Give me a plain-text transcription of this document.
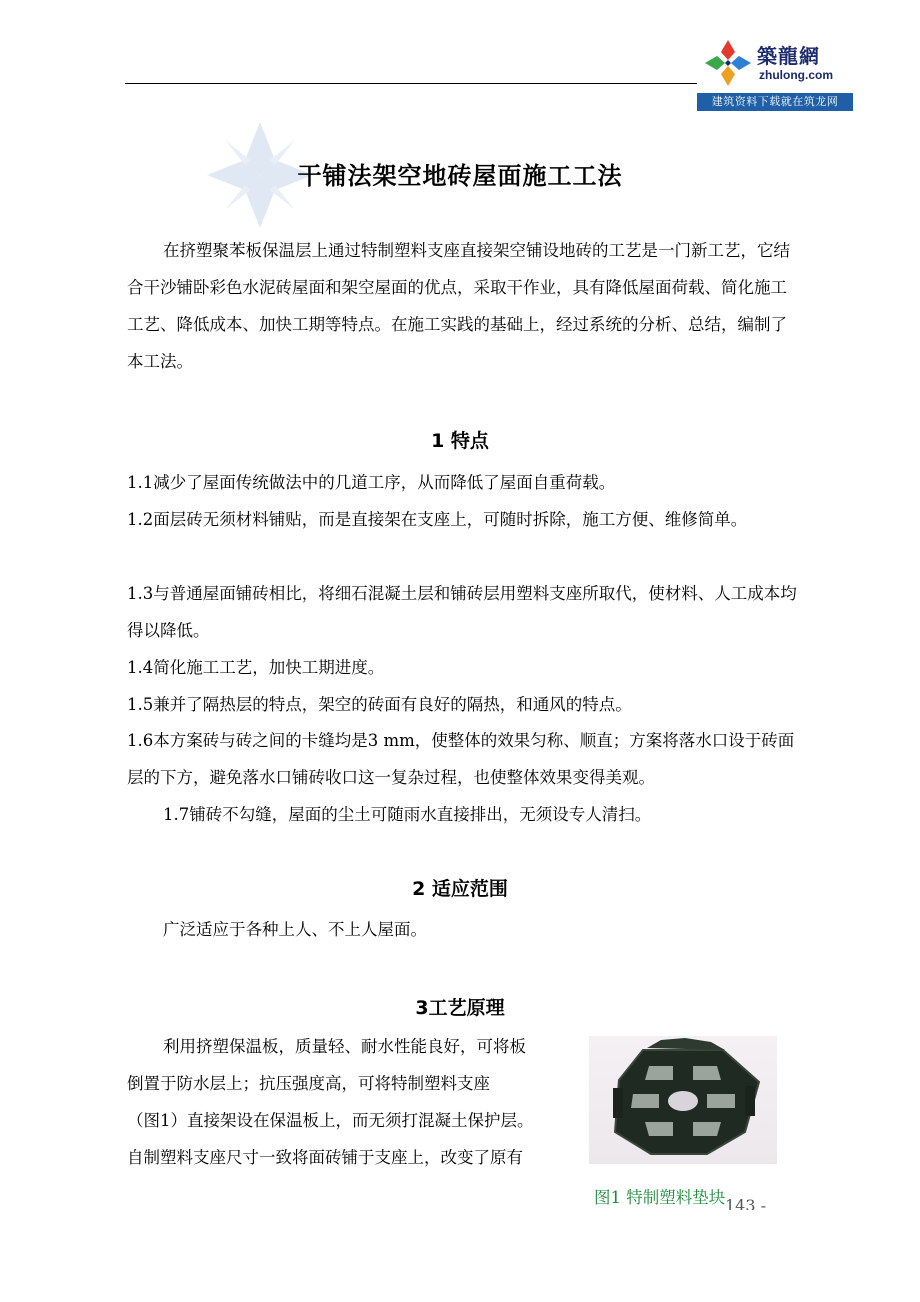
築龍網
zhulong.com
建筑资料下载就在筑龙网
干铺法架空地砖屋面施工工法

在挤塑聚苯板保温层上通过特制塑料支座直接架空铺设地砖的工艺是一门新工艺，它结合干沙铺卧彩色水泥砖屋面和架空屋面的优点，采取干作业，具有降低屋面荷载、简化施工工艺、降低成本、加快工期等特点。在施工实践的基础上，经过系统的分析、总结，编制了本工法。

1 特点
1.1减少了屋面传统做法中的几道工序，从而降低了屋面自重荷载。
1.2面层砖无须材料铺贴，而是直接架在支座上，可随时拆除，施工方便、维修简单。
1.3与普通屋面铺砖相比，将细石混凝土层和铺砖层用塑料支座所取代，使材料、人工成本均得以降低。
1.4简化施工工艺，加快工期进度。
1.5兼并了隔热层的特点，架空的砖面有良好的隔热，和通风的特点。
1.6本方案砖与砖之间的卡缝均是3 mm，使整体的效果匀称、顺直；方案将落水口设于砖面层的下方，避免落水口铺砖收口这一复杂过程，也使整体效果变得美观。
1.7铺砖不勾缝，屋面的尘土可随雨水直接排出，无须设专人清扫。
2 适应范围
广泛适应于各种上人、不上人屋面。
3工艺原理
利用挤塑保温板，质量轻、耐水性能良好，可将板
倒置于防水层上；抗压强度高，可将特制塑料支座
（图1）直接架设在保温板上，而无须打混凝土保护层。
自制塑料支座尺寸一致将面砖铺于支座上，改变了原有
图1 特制塑料垫块 143 -
